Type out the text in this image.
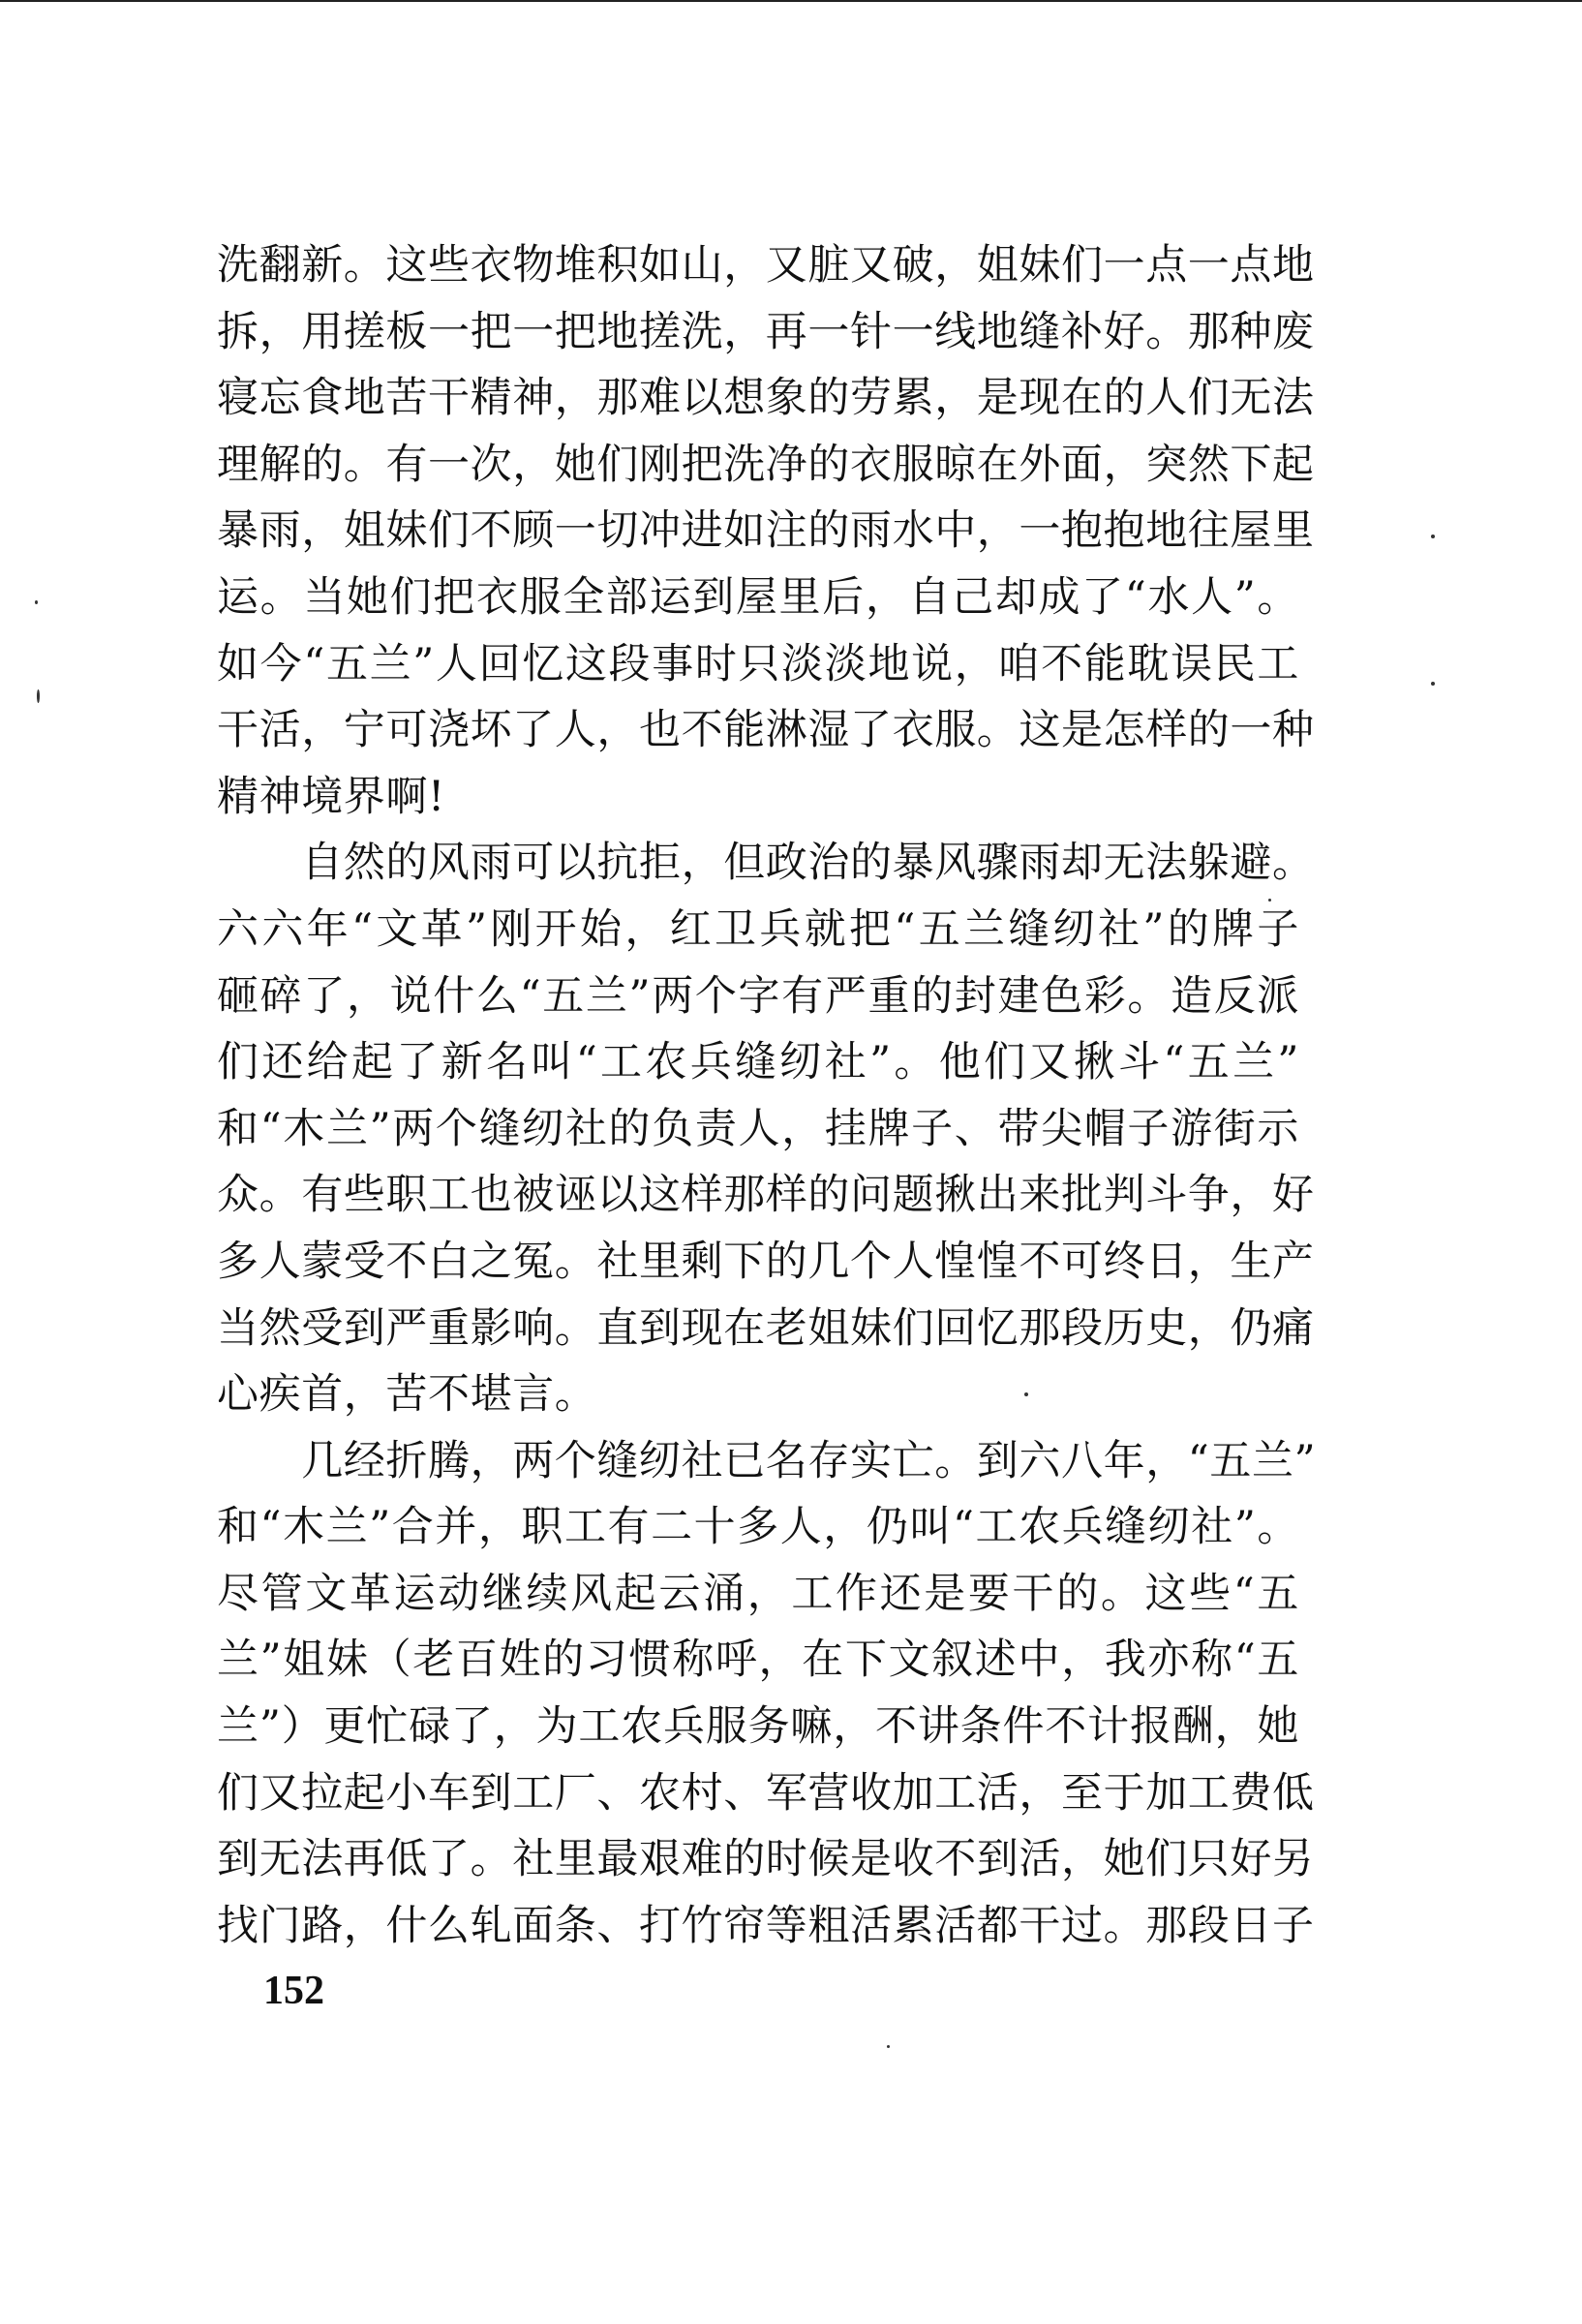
洗翻新。这些衣物堆积如山，又脏又破，姐妹们一点一点地
拆，用搓板一把一把地搓洗，再一针一线地缝补好。那种废
寝忘食地苦干精神，那难以想象的劳累，是现在的人们无法
理解的。有一次，她们刚把洗净的衣服晾在外面，突然下起
暴雨，姐妹们不顾一切冲进如注的雨水中，一抱抱地往屋里
运。当她们把衣服全部运到屋里后，自己却成了“水人”。
如今“五兰”人回忆这段事时只淡淡地说，咱不能耽误民工
干活，宁可浇坏了人，也不能淋湿了衣服。这是怎样的一种
精神境界啊!
　　自然的风雨可以抗拒，但政治的暴风骤雨却无法躲避。
六六年“文革”刚开始，红卫兵就把“五兰缝纫社”的牌子
砸碎了，说什么“五兰”两个字有严重的封建色彩。造反派
们还给起了新名叫“工农兵缝纫社”。他们又揪斗“五兰”
和“木兰”两个缝纫社的负责人，挂牌子、带尖帽子游街示
众。有些职工也被诬以这样那样的问题揪出来批判斗争，好
多人蒙受不白之冤。社里剩下的几个人惶惶不可终日，生产
当然受到严重影响。直到现在老姐妹们回忆那段历史，仍痛
心疾首，苦不堪言。
　　几经折腾，两个缝纫社已名存实亡。到六八年，“五兰”
和“木兰”合并，职工有二十多人，仍叫“工农兵缝纫社”。
尽管文革运动继续风起云涌，工作还是要干的。这些“五
兰”姐妹（老百姓的习惯称呼，在下文叙述中，我亦称“五
兰”）更忙碌了，为工农兵服务嘛，不讲条件不计报酬，她
们又拉起小车到工厂、农村、军营收加工活，至于加工费低
到无法再低了。社里最艰难的时候是收不到活，她们只好另
找门路，什么轧面条、打竹帘等粗活累活都干过。那段日子
152
